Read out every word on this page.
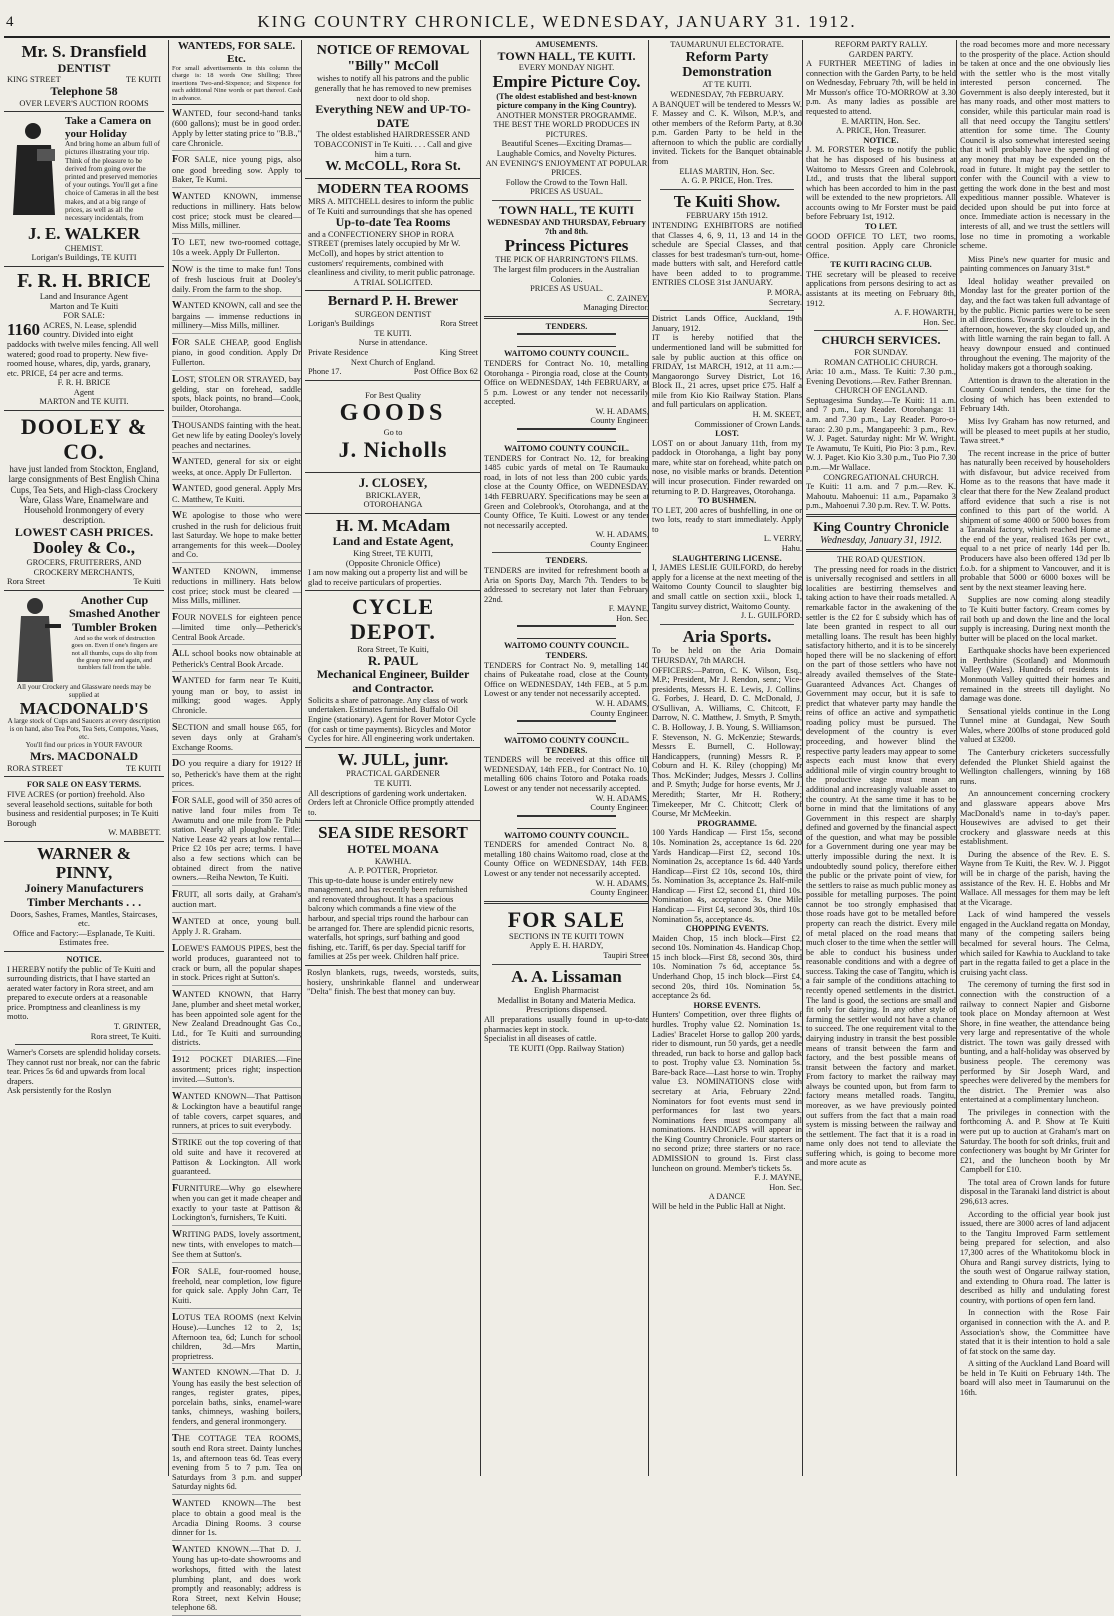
4	KING COUNTRY CHRONICLE, WEDNESDAY, JANUARY 31. 1912.
Mr. S. Dransfield
DENTIST
KING STREET	TE KUITI
Telephone 58
OVER LEVER'S AUCTION ROOMS
Take a Camera on your Holiday
And bring home an album full of pictures illustrating your trip. Think of the pleasure to be derived from going over the printed and preserved memories of your outings. You'll get a fine choice of Cameras in all the best makes, and at a big range of prices, as well as all the necessary incidentals, from
J. E. WALKER
CHEMIST.
Lorigan's Buildings, TE KUITI
F. R. H. BRICE
Land and Insurance Agent
Marton and Te Kuiti
FOR SALE:
1160 ACRES, N. Lease, splendid country. Divided into eight paddocks with twelve miles fencing. All well watered; good road to property. New five-roomed house, whares, dip, yards, granary, etc. PRICE, £4 per acre and terms.
F. R. H. BRICE
Agent
MARTON and TE KUITI.
DOOLEY & CO.
have just landed from Stockton, England, large consignments of Best English China Cups, Tea Sets, and High-class Crockery Ware, Glass Ware, Enamelware and Household Ironmongery of every description.
LOWEST CASH PRICES.
Dooley & Co.,
GROCERS, FRUITERERS, AND CROCKERY MERCHANTS,
Rora Street	Te Kuiti
Another Cup Smashed Another Tumbler Broken
And so the work of destruction goes on. Even if one's fingers are not all thumbs, cups do slip from the grasp now and again, and tumblers fall from the table.
All your Crockery and Glassware needs may be supplied at
MACDONALD'S
A large stock of Cups and Saucers at every description is on hand, also Tea Pots, Tea Sets, Compotes, Vases, etc.
You'll find our prices in YOUR FAVOUR
Mrs. MACDONALD
RORA STREET	TE KUITI
FOR SALE ON EASY TERMS.
FIVE ACRES (or portion) freehold. Also several leasehold sections, suitable for both business and residential purposes; in Te Kuiti Borough
W. MABBETT.
WARNER & PINNY,
Joinery Manufacturers Timber Merchants . . .
Doors, Sashes, Frames, Mantles, Staircases, etc.
Office and Factory:—Esplanade, Te Kuiti.
Estimates free.
NOTICE.
I HEREBY notify the public of Te Kuiti and surrounding districts, that I have started an aerated water factory in Rora street, and am prepared to execute orders at a reasonable price. Promptness and cleanliness is my motto.
T. GRINTER,
Rora street, Te Kuiti.
Warner's Corsets are splendid holiday corsets. They cannot rust nor break, nor can the fabric tear. Prices 5s 6d and upwards from local drapers.
Ask persistently for the Roslyn
WANTEDS, FOR SALE. Etc.
For small advertisements in this column the charge is: 18 words One Shilling; Three insertions Two-and-Sixpence; and Sixpence for each additional Nine words or part thereof. Cash in advance.
WANTED, four second-hand tanks (600 gallons); must be in good order. Apply by letter stating price to "B.B.," care Chronicle.
FOR SALE, nice young pigs, also one good breeding sow. Apply to Baker, Te Kumi.
WANTED KNOWN, immense reductions in millinery. Hats below cost price; stock must be cleared—Miss Mills, milliner.
TO LET, new two-roomed cottage, 10s a week. Apply Dr Fullerton.
NOW is the time to make fun! Tons of fresh luscious fruit at Dooley's daily. From the farm to the shop.
WANTED KNOWN, call and see the bargains — immense reductions in millinery—Miss Mills, milliner.
FOR SALE CHEAP, good English piano, in good condition. Apply Dr Fullerton.
LOST, STOLEN OR STRAYED, bay gelding, star on forehead, saddle spots, black points, no brand—Cook, builder, Otorohanga.
THOUSANDS fainting with the heat. Get new life by eating Dooley's lovely peaches and nectarines.
WANTED, general for six or eight weeks, at once. Apply Dr Fullerton.
WANTED, good general. Apply Mrs C. Matthew, Te Kuiti.
WE apologise to those who were crushed in the rush for delicious fruit last Saturday. We hope to make better arrangements for this week—Dooley and Co.
WANTED KNOWN, immense reductions in millinery. Hats below cost price; stock must be cleared —Miss Mills, milliner.
FOUR NOVELS for eighteen pence —limited time only—Petherick's Central Book Arcade.
ALL school books now obtainable at Petherick's Central Book Arcade.
WANTED for farm near Te Kuiti, young man or boy, to assist in milking; good wages. Apply Chronicle.
SECTION and small house £65, for seven days only at Graham's Exchange Rooms.
DO you require a diary for 1912? If so, Petherick's have them at the right prices.
FOR SALE, good will of 350 acres of native land four miles from Te Awamutu and one mile from Te Puhi station. Nearly all ploughable. Title: Native Lease 42 years at low rental—Price £2 10s per acre; terms. I have also a few sections which can be obtained direct from the native owners.—Reiha Newton, Te Kuiti.
FRUIT, all sorts daily, at Graham's auction mart.
WANTED at once, young bull. Apply J. R. Graham.
LOEWE'S FAMOUS PIPES, best the world produces, guaranteed not to crack or burn, all the popular shapes in stock. Prices right at Sutton's.
WANTED KNOWN, that Harry Jane, plumber and sheet metal worker, has been appointed sole agent for the New Zealand Dreadnought Gas Co., Ltd., for Te Kuiti and surrounding districts.
1912 POCKET DIARIES.—Fine assortment; prices right; inspection invited.—Sutton's.
WANTED KNOWN—That Pattison & Lockington have a beautiful range of table covers, carpet squares, and runners, at prices to suit everybody.
STRIKE out the top covering of that old suite and have it recovered at Pattison & Lockington. All work guaranteed.
FURNITURE—Why go elsewhere when you can get it made cheaper and exactly to your taste at Pattison & Lockington's, furnishers, Te Kuiti.
WRITING PADS, lovely assortment, new tints, with envelopes to match—See them at Sutton's.
FOR SALE, four-roomed house, freehold, near completion, low figure for quick sale. Apply John Carr, Te Kuiti.
LOTUS TEA ROOMS (next Kelvin House).—Lunches 12 to 2, 1s; Afternoon tea, 6d; Lunch for school children, 3d.—Mrs Martin, proprietress.
WANTED KNOWN.—That D. J. Young has easily the best selection of ranges, register grates, pipes, porcelain baths, sinks, enamel-ware tanks, chimneys, washing boilers, fenders, and general ironmongery.
THE COTTAGE TEA ROOMS, south end Rora street. Dainty lunches 1s, and afternoon teas 6d. Teas every evening from 5 to 7 p.m. Tea on Saturdays from 3 p.m. and supper Saturday nights 6d.
WANTED KNOWN—The best place to obtain a good meal is the Arcadia Dining Rooms. 3 course dinner for 1s.
WANTED KNOWN.—That D. J. Young has up-to-date showrooms and workshops, fitted with the latest plumbing plant, and does work promptly and reasonably; address is Rora Street, next Kelvin House; telephone 68.
NOTICE OF REMOVAL
"Billy" McColl
wishes to notify all his patrons and the public generally that he has removed to new premises next door to old shop.
Everything NEW and UP-TO-DATE
The oldest established HAIRDRESSER AND TOBACCONIST in Te Kuiti. . . . Call and give him a turn.
W. McCOLL, Rora St.
MODERN TEA ROOMS
MRS A. MITCHELL desires to inform the public of Te Kuiti and surroundings that she has opened
Up-to-date Tea Rooms
and a CONFECTIONERY SHOP in RORA STREET (premises lately occupied by Mr W. McColl), and hopes by strict attention to customers' requirements, combined with cleanliness and civility, to merit public patronage.
A TRIAL SOLICITED.
Bernard P. H. Brewer
SURGEON DENTIST
Lorigan's Buildings	Rora Street
TE KUITI.
Nurse in attendance.
Private Residence	King Street
Next Church of England.
Phone 17.	Post Office Box 62
For Best Quality
GOODS
Go to
J. Nicholls
J. CLOSEY,
BRICKLAYER,
OTOROHANGA
H. M. McAdam
Land and Estate Agent,
King Street, TE KUITI,
(Opposite Chronicle Office)
I am now making out a property list and will be glad to receive particulars of properties.
CYCLE DEPOT.
Rora Street, Te Kuiti,
R. PAUL
Mechanical Engineer, Builder and Contractor.
Solicits a share of patronage. Any class of work undertaken. Estimates furnished. Buffalo Oil Engine (stationary). Agent for Rover Motor Cycle (for cash or time payments). Bicycles and Motor Cycles for hire. All engineering work undertaken.
W. JULL, junr.
PRACTICAL GARDENER
TE KUITI.
All descriptions of gardening work undertaken. Orders left at Chronicle Office promptly attended to.
SEA SIDE RESORT
HOTEL MOANA
KAWHIA.
A. P. POTTER, Proprietor.
This up-to-date house is under entirely new management, and has recently been refurnished and renovated throughout. It has a spacious balcony which commands a fine view of the harbour, and special trips round the harbour can be arranged for. There are splendid picnic resorts, waterfalls, hot springs, surf bathing and good fishing, etc. Tariff, 6s per day. Special tariff for families at 25s per week. Children half price.
Roslyn blankets, rugs, tweeds, worsteds, suits, hosiery, unshrinkable flannel and underwear "Delta" finish. The best that money can buy.
AMUSEMENTS.
TOWN HALL, TE KUITI.
EVERY MONDAY NIGHT.
Empire Picture Coy.
(The oldest established and best-known picture company in the King Country).
ANOTHER MONSTER PROGRAMME.
THE BEST THE WORLD PRODUCES IN PICTURES.
Beautiful Scenes—Exciting Dramas—Laughable Comics, and Novelty Pictures.
AN EVENING'S ENJOYMENT AT POPULAR PRICES.
Follow the Crowd to the Town Hall.
PRICES AS USUAL.
TOWN HALL, TE KUITI
WEDNESDAY AND THURSDAY, February 7th and 8th.
Princess Pictures
THE PICK OF HARRINGTON'S FILMS.
The largest film producers in the Australian Colonies.
PRICES AS USUAL.
C. ZAINEY,
Managing Director.
TENDERS.
WAITOMO COUNTY COUNCIL.
TENDERS for Contract No. 10, metalling Otorohanga - Pirongia road, close at the County Office on WEDNESDAY, 14th FEBRUARY, at 5 p.m. Lowest or any tender not necessarily accepted.
W. H. ADAMS,
County Engineer.
WAITOMO COUNTY COUNCIL.
TENDERS for Contract No. 12, for breaking 1485 cubic yards of metal on Te Raumauku road, in lots of not less than 200 cubic yards, close at the County Office, on WEDNESDAY, 14th FEBRUARY. Specifications may be seen at Green and Colebrook's, Otorohanga, and at the County Office, Te Kuiti. Lowest or any tender not necessarily accepted.
W. H. ADAMS,
County Engineer.
TENDERS.
TENDERS are invited for refreshment booth at Aria on Sports Day, March 7th. Tenders to be addressed to secretary not later than February 22nd.
F. MAYNE,
Hon. Sec.
WAITOMO COUNTY COUNCIL.
TENDERS.
TENDERS for Contract No. 9, metalling 140 chains of Pukeatahe road, close at the County Office on WEDNESDAY, 14th FEB., at 5 p.m. Lowest or any tender not necessarily accepted.
W. H. ADAMS,
County Engineer.
WAITOMO COUNTY COUNCIL.
TENDERS.
TENDERS will be received at this office till WEDNESDAY, 14th FEB., for Contract No. 10, metalling 606 chains Totoro and Potaka roads. Lowest or any tender not necessarily accepted.
W. H. ADAMS,
County Engineer.
WAITOMO COUNTY COUNCIL.
TENDERS for amended Contract No. 8, metalling 180 chains Waitomo road, close at the County Office on WEDNESDAY, 14th FEB. Lowest or any tender not necessarily accepted.
W. H. ADAMS,
County Engineer.
FOR SALE
SECTIONS IN TE KUITI TOWN
Apply E. H. HARDY,
Taupiri Street
A. A. Lissaman
English Pharmacist
Medallist in Botany and Materia Medica.
Prescriptions dispensed.
All preparations usually found in up-to-date pharmacies kept in stock.
Specialist in all diseases of cattle.
TE KUITI (Opp. Railway Station)
TAUMARUNUI ELECTORATE.
Reform Party Demonstration
AT TE KUITI.
WEDNESDAY, 7th FEBRUARY.
A BANQUET will be tendered to Messrs W. F. Massey and C. K. Wilson, M.P.'s, and other members of the Reform Party, at 8.30 p.m. Garden Party to be held in the afternoon to which the public are cordially invited. Tickets for the Banquet obtainable from
ELIAS MARTIN, Hon. Sec.
A. G. P. PRICE, Hon. Tres.
Te Kuiti Show.
FEBRUARY 15th 1912.
INTENDING EXHIBITORS are notified that Classes 4, 6, 9, 11, 13 and 14 in the schedule are Special Classes, and that classes for best tradesman's turn-out, home-made butters with salt, and Hereford cattle have been added to to programme. ENTRIES CLOSE 31st JANUARY.
P. MORA,
Secretary.
District Lands Office, Auckland, 19th January, 1912.
IT is hereby notified that the undermentioned land will be submitted for sale by public auction at this office on FRIDAY, 1st MARCH, 1912, at 11 a.m.:— Mangaorongo Survey District, Lot 16, Block II., 21 acres, upset price £75. Half a mile from Kio Kio Railway Station. Plans and full particulars on application.
H. M. SKEET,
Commissioner of Crown Lands.
LOST.
LOST on or about January 11th, from my paddock in Otorohanga, a light bay pony mare, white star on forehead, white patch on nose, no visible marks or brands. Detention will incur prosecution. Finder rewarded on returning to P. D. Hargreaves, Otorohanga.
TO BUSHMEN.
TO LET, 200 acres of bushfelling, in one or two lots, ready to start immediately. Apply to
L. VERRY,
Hahu.
SLAUGHTERING LICENSE.
I, JAMES LESLIE GUILFORD, do hereby apply for a license at the next meeting of the Waitomo County Council to slaughter big and small cattle on section xxii., block 1, Tangitu survey district, Waitomo County.
J. L. GUILFORD.
Aria Sports.
To be held on the Aria Domain THURSDAY, 7th MARCH.
OFFICERS:—Patron, C. K. Wilson, Esq., M.P.; President, Mr J. Rendon, senr.; Vice-presidents, Messrs H. E. Lewis, J. Collins, G. Forbes, J. Heard, D. C. McDonald, J. O'Sullivan, A. Williams, C. Chitcott, F. Darrow, N. C. Matthew, J. Smyth, P. Smyth, C. B. Holloway, J. B. Young, S. Williamson, F. Stevenson, N. G. McKenzie; Stewards, Messrs E. Burnell, C. Holloway; Handicappers, (running) Messrs R. P. Coburn and H. K. Riley (chopping) Mr Thos. McKinder; Judges, Messrs J. Collins and P. Smyth; Judge for horse events, Mr J. Meredith; Starter, Mr H. Rothery; Timekeeper, Mr C. Chitcott; Clerk of Course, Mr McMeekin.
PROGRAMME.
100 Yards Handicap — First 15s, second 10s. Nomination 2s, acceptance 1s 6d. 220 Yards Handicap—First £2, second 10s. Nomination 2s, acceptance 1s 6d. 440 Yards Handicap—First £2 10s, second 10s, third 5s. Nomination 3s, acceptance 2s. Half-mile Handicap — First £2, second £1, third 10s. Nomination 4s, acceptance 3s. One Mile Handicap — First £4, second 30s, third 10s. Nomination 5s, acceptance 4s.
CHOPPING EVENTS.
Maiden Chop, 15 inch block—First £2, second 10s. Nomination 4s. Handicap Chop, 15 inch block—First £8, second 30s, third 10s. Nomination 7s 6d, acceptance 5s. Underhand Chop, 15 inch block—First £4, second 20s, third 10s. Nomination 5s, acceptance 2s 6d.
HORSE EVENTS.
Hunters' Competition, over three flights of hurdles. Trophy value £2. Nomination 1s. Ladies' Bracelet Horse to gallop 200 yards, rider to dismount, run 50 yards, get a needle threaded, run back to horse and gallop back to post. Trophy value £3. Nomination 5s. Bare-back Race—Last horse to win. Trophy value £3. NOMINATIONS close with secretary at Aria, February 22nd. Nominators for foot events must send in performances for last two years. Nominations fees must accompany all nominations. HANDICAPS will appear in the King Country Chronicle. Four starters or no second prize; three starters or no race. ADMISSION to ground 1s. First class luncheon on ground. Member's tickets 5s.
F. J. MAYNE,
Hon. Sec.
A DANCE
Will be held in the Public Hall at Night.
REFORM PARTY RALLY.
GARDEN PARTY.
A FURTHER MEETING of ladies in connection with the Garden Party, to be held on Wednesday, February 7th, will be held in Mr Musson's office TO-MORROW at 3.30 p.m. As many ladies as possible are requested to attend.
E. MARTIN, Hon. Sec.
A. PRICE, Hon. Treasurer.
NOTICE.
J. M. FORSTER begs to notify the public that he has disposed of his business at Waitomo to Messrs Green and Colebrook, Ltd., and trusts that the liberal support which has been accorded to him in the past will be extended to the new proprietors. All accounts owing to Mr Forster must be paid before February 1st, 1912.
TO LET.
GOOD OFFICE TO LET, two rooms, central position. Apply care Chronicle Office.
TE KUITI RACING CLUB.
THE secretary will be pleased to receive applications from persons desiring to act as assistants at its meeting on February 8th, 1912.
A. F. HOWARTH,
Hon. Sec.
CHURCH SERVICES.
FOR SUNDAY.
ROMAN CATHOLIC CHURCH.
Aria: 10 a.m., Mass. Te Kuiti: 7.30 p.m., Evening Devotions.—Rev. Father Brennan.
CHURCH OF ENGLAND.
Septuagesima Sunday.—Te Kuiti: 11 a.m. and 7 p.m., Lay Reader. Otorohanga: 11 a.m. and 7.30 p.m., Lay Reader. Poro-o-tarao: 2.30 p.m., Mangapeehi: 3 p.m., Rev. W. J. Paget. Saturday night: Mr W. Wright. Te Awamutu, Te Kuiti, Pio Pio: 3 p.m., Rev. W. J. Paget. Kio Kio 3.30 p.m., Tuo Pio 7.30 p.m.—Mr Wallace.
CONGREGATIONAL CHURCH.
Te Kuiti: 11 a.m. and 7 p.m.—Rev. K. Mahoutu. Mahoenui: 11 a.m., Papamako 3 p.m., Mahoenui 7.30 p.m. Rev. T. W. Potts.
King Country Chronicle
Wednesday, January 31, 1912.
THE ROAD QUESTION.
The pressing need for roads in the district is universally recognised and settlers in all localities are bestirring themselves and taking action to have their roads metalled. A remarkable factor in the awakening of the settler is the £2 for £ subsidy which has of late been granted in respect to all our metalling loans. The result has been highly satisfactory hitherto, and it is to be sincerely hoped there will be no slackening of effort on the part of those settlers who have not already availed themselves of the State-Guaranteed Advances Act. Changes of Government may occur, but it is safe to predict that whatever party may handle the reins of office an active and sympathetic roading policy must be pursued. The development of the country is ever proceeding, and however blind the respective party leaders may appear to some aspects each must know that every additional mile of virgin country brought to the productive stage must mean an additional and increasingly valuable asset to the country. At the same time it has to be borne in mind that the limitations of any Government in this respect are sharply defined and governed by the financial aspect of the question, and what may be possible for a Government during one year may be utterly impossible during the next. It is undoubtedly sound policy, therefore either the public or the private point of view, for the settlers to raise as much public money as possible for metalling purposes. The point cannot be too strongly emphasised that those roads have got to be metalled before property can reach the district. Every mile of metal placed on the road means that much closer to the time when the settler will be able to conduct his business under reasonable conditions and with a degree of success. Taking the case of Tangitu, which is a fair sample of the conditions attaching to recently opened settlements in the district. The land is good, the sections are small and fit only for dairying. In any other style of farming the settler would not have a chance to succeed. The one requirement vital to the dairying industry in transit the best possible means of transit between the farm and factory, and the best possible means of transit between the factory and market. From factory to market the railway may always be counted upon, but from farm to factory means metalled roads. Tangitu, moreover, as we have previously pointed out suffers from the fact that a main road system is missing between the railway and the settlement. The fact that it is a road in name only does not tend to alleviate the suffering which, is going to become more and more acute as
the road becomes more and more necessary to the prosperity of the place. Action should be taken at once and the one obviously lies with the settler who is the most vitally interested person concerned. The Government is also deeply interested, but it has many roads, and other most matters to consider, while this particular main road is all that need occupy the Tangitu settlers' attention for some time. The County Council is also somewhat interested seeing that it will probably have the spending of any money that may be expended on the road in future. It might pay the settler to confer with the Council with a view to getting the work done in the best and most expeditious manner possible. Whatever is decided upon should be put into force at once. Immediate action is necessary in the interests of all, and we trust the settlers will lose no time in promoting a workable scheme.
Miss Pine's new quarter for music and painting commences on January 31st.*
Ideal holiday weather prevailed on Monday last for the greater portion of the day, and the fact was taken full advantage of by the public. Picnic parties were to be seen in all directions. Towards four o'clock in the afternoon, however, the sky clouded up, and with little warning the rain began to fall. A heavy downpour ensued and continued throughout the evening. The majority of the holiday makers got a thorough soaking.
Attention is drawn to the alteration in the County Council tenders, the time for the closing of which has been extended to February 14th.
Miss Ivy Graham has now returned, and will be pleased to meet pupils at her studio, Tawa street.*
The recent increase in the price of butter has naturally been received by householders with disfavour, but advice received from Home as to the reasons that have made it clear that there for the New Zealand product afford evidence that such a rise is not confined to this part of the world. A shipment of some 4000 or 5000 boxes from a Taranaki factory, which reached Home at the end of the year, realised 163s per cwt., equal to a net price of nearly 14d per lb. Producers have also been offered 13d per lb f.o.b. for a shipment to Vancouver, and it is probable that 5000 or 6000 boxes will be sent by the next steamer leaving here.
Supplies are now coming along steadily to Te Kuiti butter factory. Cream comes by rail both up and down the line and the local supply is increasing. During next month the butter will be placed on the local market.
Earthquake shocks have been experienced in Perthshire (Scotland) and Monmouth Valley (Wales). Hundreds of residents in Monmouth Valley quitted their homes and remained in the streets till daylight. No damage was done.
Sensational yields continue in the Long Tunnel mine at Gundagai, New South Wales, where 200lbs of stone produced gold valued at £3200.
The Canterbury cricketers successfully defended the Plunket Shield against the Wellington challengers, winning by 168 runs.
An announcement concerning crockery and glassware appears above Mrs MacDonald's name in to-day's paper. Housewives are advised to get their crockery and glassware needs at this establishment.
During the absence of the Rev. E. S. Wayne from Te Kuiti, the Rev. W. J. Piggot will be in charge of the parish, having the assistance of the Rev. H. E. Hobbs and Mr Wallace. All messages for them may be left at the Vicarage.
Lack of wind hampered the vessels engaged in the Auckland regatta on Monday, many of the competing sailers being becalmed for several hours. The Celma, which sailed for Kawhia to Auckland to take part in the regatta failed to get a place in the cruising yacht class.
The ceremony of turning the first sod in connection with the construction of a railway to connect Napier and Gisborne took place on Monday afternoon at West Shore, in fine weather, the attendance being very large and representative of the whole district. The town was gaily dressed with bunting, and a half-holiday was observed by business people. The ceremony was performed by Sir Joseph Ward, and speeches were delivered by the members for the district. The Premier was also entertained at a complimentary luncheon.
The privileges in connection with the forthcoming A. and P. Show at Te Kuiti were put up to auction at Graham's mart on Saturday. The booth for soft drinks, fruit and confectionery was bought by Mr Grinter for £21, and the luncheon booth by Mr Campbell for £10.
The total area of Crown lands for future disposal in the Taranaki land district is about 296,613 acres.
According to the official year book just issued, there are 3000 acres of land adjacent to the Tangitu Improved Farm settlement being prepared for selection, and also 17,300 acres of the Whatitokomu block in Ohura and Rangi survey districts, lying to the south west of Ongarue railway station, and extending to Ohura road. The latter is described as hilly and undulating forest country, with portions of open fern land.
In connection with the Rose Fair organised in connection with the A. and P. Association's show, the Committee have stated that it is their intention to hold a sale of fat stock on the same day.
A sitting of the Auckland Land Board will be held in Te Kuiti on February 14th. The board will also meet in Taumarunui on the 16th.
